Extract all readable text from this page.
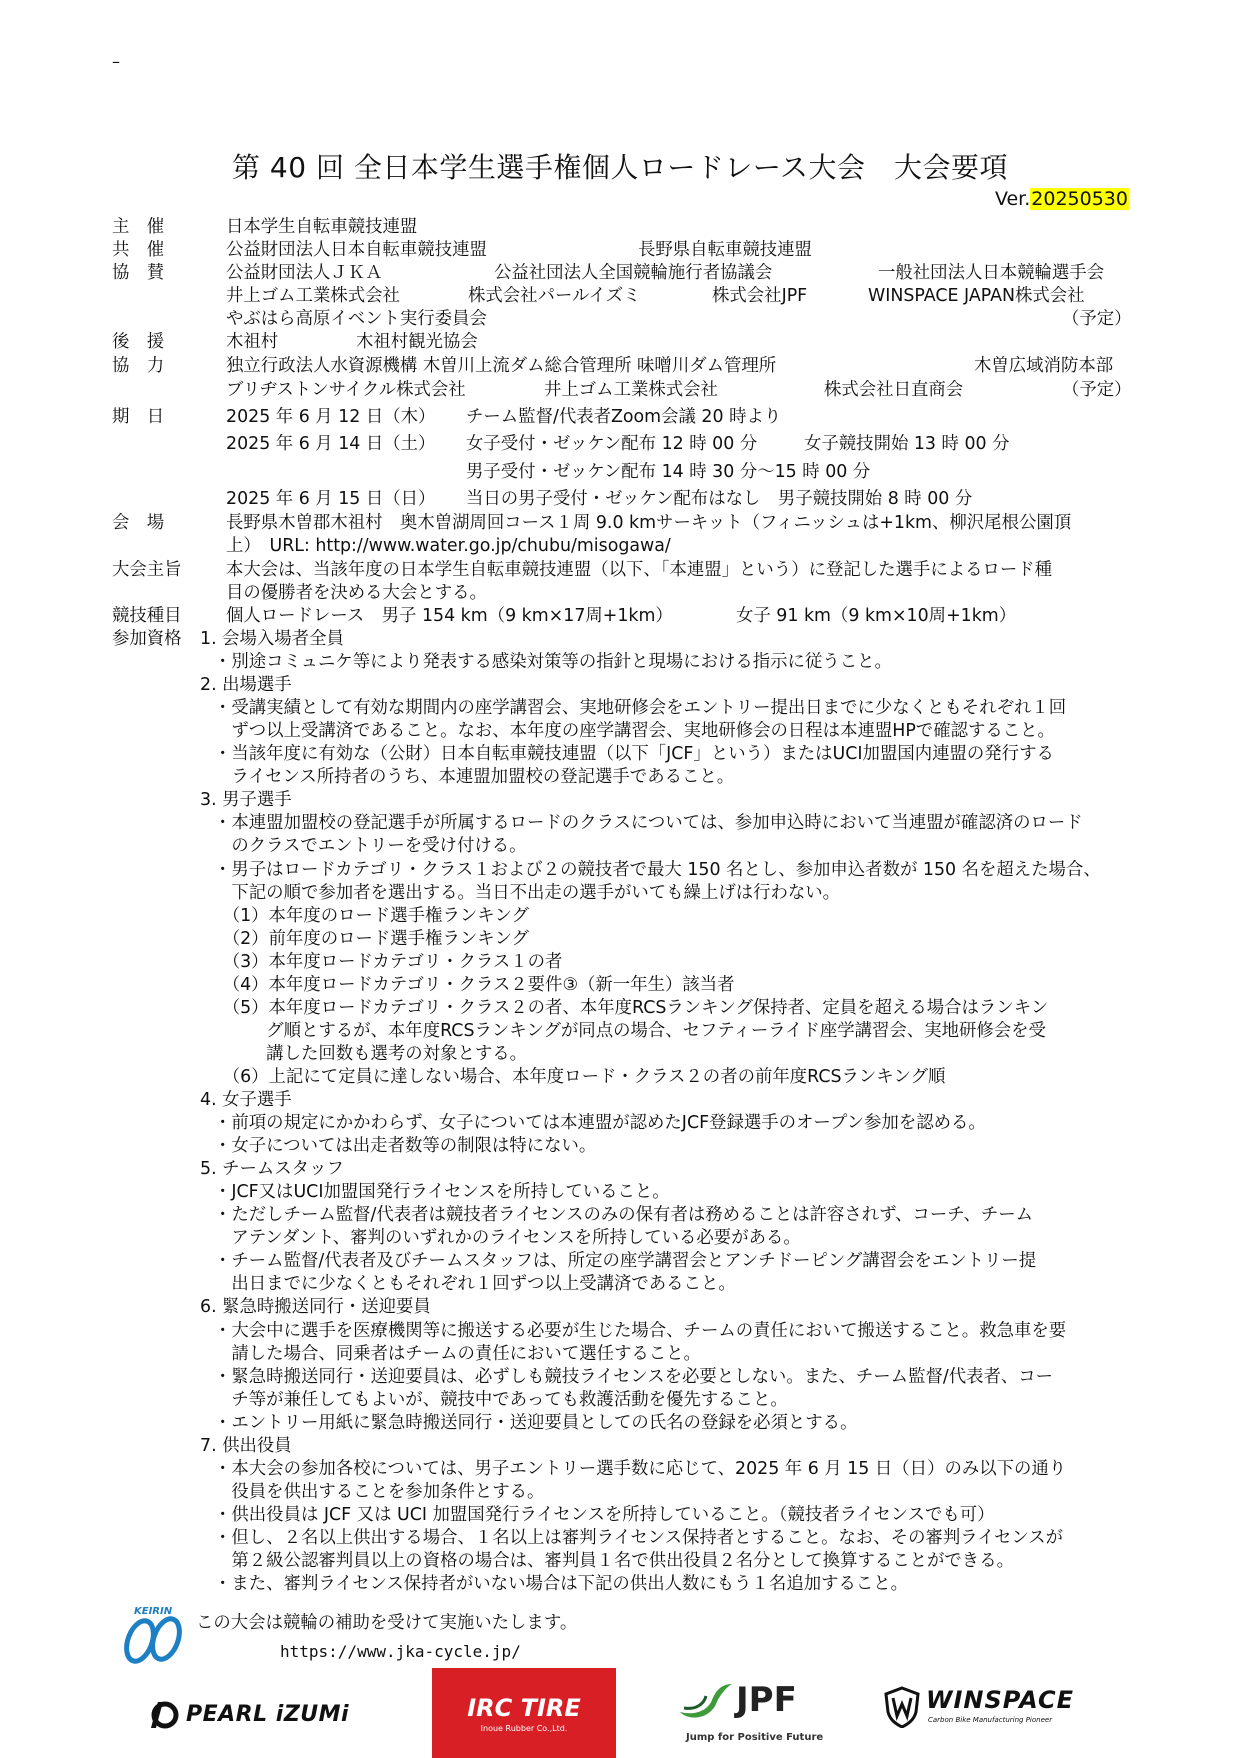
–
第 40 回 全日本学生選手権個人ロードレース大会　大会要項
Ver.20250530
主　催	日本学生自転車競技連盟
共　催	公益財団法人日本自転車競技連盟	長野県自転車競技連盟
協　賛	公益財団法人ＪＫＡ	公益社団法人全国競輪施行者協議会	一般社団法人日本競輪選手会
井上ゴム工業株式会社	株式会社パールイズミ	株式会社JPF	WINSPACE JAPAN株式会社
やぶはら高原イベント実行委員会	（予定）
後　援	木祖村	木祖村観光協会
協　力	独立行政法人水資源機構 木曽川上流ダム総合管理所 味噌川ダム管理所	木曽広域消防本部
ブリヂストンサイクル株式会社	井上ゴム工業株式会社	株式会社日直商会	（予定）
期　日	2025 年 6 月 12 日（木） チーム監督/代表者Zoom会議 20 時より
2025 年 6 月 14 日（土） 女子受付・ゼッケン配布 12 時 00 分	女子競技開始 13 時 00 分
男子受付・ゼッケン配布 14 時 30 分～15 時 00 分
2025 年 6 月 15 日（日） 当日の男子受付・ゼッケン配布はなし　男子競技開始 8 時 00 分
会　場	長野県木曽郡木祖村　奥木曽湖周回コース１周 9.0 kmサーキット（フィニッシュは+1km、柳沢尾根公園頂
上）　URL: http://www.water.go.jp/chubu/misogawa/
大会主旨	本大会は、当該年度の日本学生自転車競技連盟（以下、「本連盟」という）に登記した選手によるロード種
目の優勝者を決める大会とする。
競技種目	個人ロードレース　男子 154 km（9 km×17周+1km）	女子 91 km（9 km×10周+1km）
参加資格 1. 会場入場者全員
・別途コミュニケ等により発表する感染対策等の指針と現場における指示に従うこと。
2. 出場選手
・受講実績として有効な期間内の座学講習会、実地研修会をエントリー提出日までに少なくともそれぞれ１回
　ずつ以上受講済であること。なお、本年度の座学講習会、実地研修会の日程は本連盟HPで確認すること。
・当該年度に有効な（公財）日本自転車競技連盟（以下「JCF」という）またはUCI加盟国内連盟の発行する
　ライセンス所持者のうち、本連盟加盟校の登記選手であること。
3. 男子選手
・本連盟加盟校の登記選手が所属するロードのクラスについては、参加申込時において当連盟が確認済のロード
　のクラスでエントリーを受け付ける。
・男子はロードカテゴリ・クラス１および２の競技者で最大 150 名とし、参加申込者数が 150 名を超えた場合、
　下記の順で参加者を選出する。当日不出走の選手がいても繰上げは行わない。
　（1）本年度のロード選手権ランキング
　（2）前年度のロード選手権ランキング
　（3）本年度ロードカテゴリ・クラス１の者
　（4）本年度ロードカテゴリ・クラス２要件③（新一年生）該当者
　（5）本年度ロードカテゴリ・クラス２の者、本年度RCSランキング保持者、定員を超える場合はランキン
　　　グ順とするが、本年度RCSランキングが同点の場合、セフティーライド座学講習会、実地研修会を受
　　　講した回数も選考の対象とする。
　（6）上記にて定員に達しない場合、本年度ロード・クラス２の者の前年度RCSランキング順
4. 女子選手
・前項の規定にかかわらず、女子については本連盟が認めたJCF登録選手のオープン参加を認める。
・女子については出走者数等の制限は特にない。
5. チームスタッフ
・JCF又はUCI加盟国発行ライセンスを所持していること。
・ただしチーム監督/代表者は競技者ライセンスのみの保有者は務めることは許容されず、コーチ、チーム
　アテンダント、審判のいずれかのライセンスを所持している必要がある。
・チーム監督/代表者及びチームスタッフは、所定の座学講習会とアンチドーピング講習会をエントリー提
　出日までに少なくともそれぞれ１回ずつ以上受講済であること。
6. 緊急時搬送同行・送迎要員
・大会中に選手を医療機関等に搬送する必要が生じた場合、チームの責任において搬送すること。救急車を要
　請した場合、同乗者はチームの責任において選任すること。
・緊急時搬送同行・送迎要員は、必ずしも競技ライセンスを必要としない。また、チーム監督/代表者、コー
　チ等が兼任してもよいが、競技中であっても救護活動を優先すること。
・エントリー用紙に緊急時搬送同行・送迎要員としての氏名の登録を必須とする。
7. 供出役員
・本大会の参加各校については、男子エントリー選手数に応じて、2025 年 6 月 15 日（日）のみ以下の通り
　役員を供出することを参加条件とする。
・供出役員は JCF 又は UCI 加盟国発行ライセンスを所持していること。（競技者ライセンスでも可）
・但し、２名以上供出する場合、１名以上は審判ライセンス保持者とすること。なお、その審判ライセンスが
　第２級公認審判員以上の資格の場合は、審判員１名で供出役員２名分として換算することができる。
・また、審判ライセンス保持者がいない場合は下記の供出人数にもう１名追加すること。
KEIRIN
この大会は競輪の補助を受けて実施いたします。
https://www.jka-cycle.jp/
PEARL iZUMi	IRC TIRE
Inoue Rubber Co.,Ltd.
JPF
Jump for Positive Future
WINSPACE
Carbon Bike Manufacturing Pioneer
